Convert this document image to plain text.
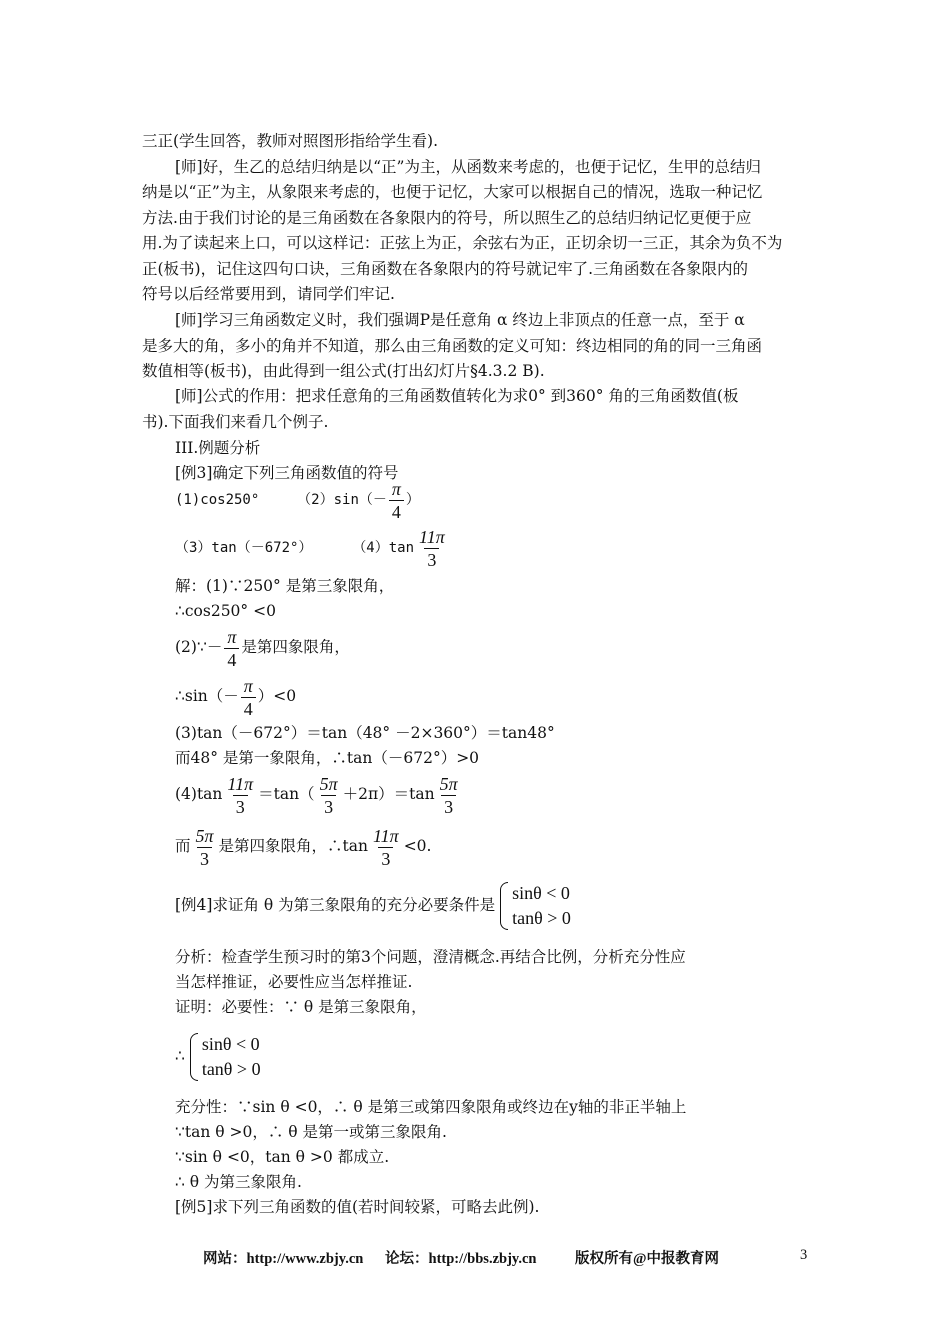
三正(学生回答，教师对照图形指给学生看).
[师]好，生乙的总结归纳是以“正”为主，从函数来考虑的，也便于记忆，生甲的总结归
纳是以“正”为主，从象限来考虑的，也便于记忆，大家可以根据自己的情况，选取一种记忆
方法.由于我们讨论的是三角函数在各象限内的符号，所以照生乙的总结归纳记忆更便于应
用.为了读起来上口，可以这样记：正弦上为正，余弦右为正，正切余切一三正，其余为负不为
正(板书)，记住这四句口诀，三角函数在各象限内的符号就记牢了.三角函数在各象限内的
符号以后经常要用到，请同学们牢记.
[师]学习三角函数定义时，我们强调P是任意角 α 终边上非顶点的任意一点，至于 α
是多大的角，多小的角并不知道，那么由三角函数的定义可知：终边相同的角的同一三角函
数值相等(板书)，由此得到一组公式(打出幻灯片§4.3.2 B).
[师]公式的作用：把求任意角的三角函数值转化为求0° 到360° 角的三角函数值(板
书).下面我们来看几个例子.
III.例题分析
[例3]确定下列三角函数值的符号
(1)cos250°	$(2)\sin(- \frac{\pi}{4}$ ）
（3）tan（－672°）	$(4)\tan \frac{11\pi}{3}$
解：(1)∵250° 是第三象限角，
∴cos250° <0
(2)∵－ $\frac{\pi}{4}$ 是第四象限角，
∴sin（－ $\frac{\pi}{4} )<0$
(3)tan（－672°）＝tan（48° －2×360°）＝tan48°
而48° 是第一象限角，∴tan（－672°）>0
$(4)\tan \frac{11\pi}{3} =\tan( \frac{5\pi}{3} +2\pi)=\tan \frac{5\pi}{3}$
而 $\frac{5\pi}{3}$ 是第四象限角，∴tan $\frac{11\pi}{3} <0$.
[例4]求证角 θ 为第三象限角的充分必要条件是
sinθ < 0
tanθ > 0
分析：检查学生预习时的第3个问题，澄清概念.再结合比例，分析充分性应
当怎样推证，必要性应当怎样推证.
证明：必要性：∵ θ 是第三象限角，
∴
sinθ < 0
tanθ > 0
充分性：∵sin θ <0，∴ θ 是第三或第四象限角或终边在y轴的非正半轴上
∵tan θ >0，∴ θ 是第一或第三象限角.
∵sin θ <0，tan θ >0 都成立.
∴ θ 为第三象限角.
[例5]求下列三角函数的值(若时间较紧，可略去此例).
网站：http://www.zbjy.cn 论坛：http://bbs.zbjy.cn	版权所有@中报教育网	3
